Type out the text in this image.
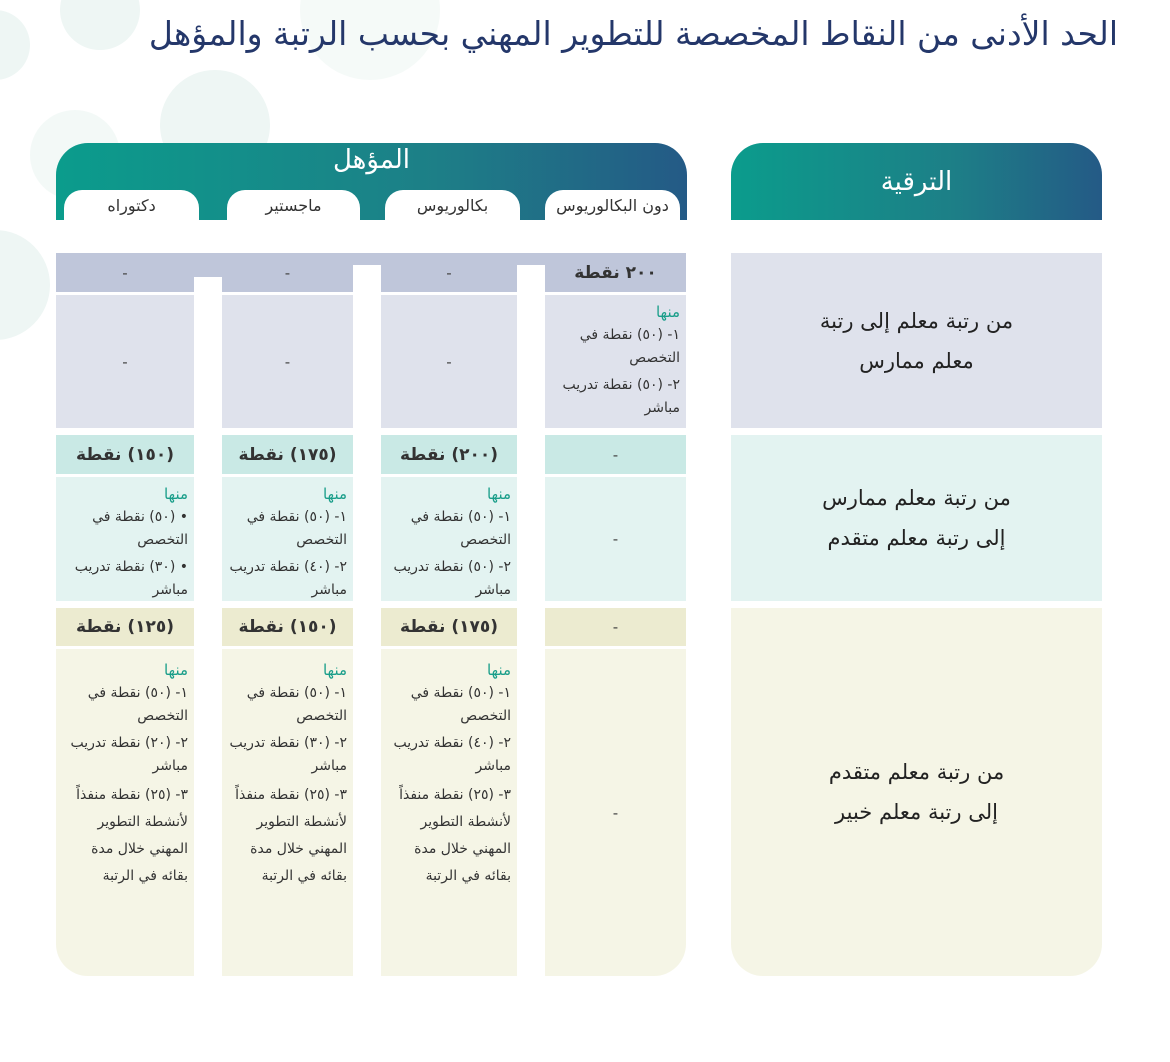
الحد الأدنى من النقاط المخصصة للتطوير المهني بحسب الرتبة والمؤهل
المؤهل
دون البكالوريوس
بكالوريوس
ماجستير
دكتوراه
الترقية
٢٠٠ نقطة
-
-
-
منها
١- (٥٠) نقطة في التخصص
٢- (٥٠) نقطة تدريب مباشر
-
-
-
من رتبة معلم إلى رتبة
معلم ممارس
-
(٢٠٠) نقطة
(١٧٥) نقطة
(١٥٠) نقطة
-
منها
١- (٥٠) نقطة في التخصص
٢- (٥٠) نقطة تدريب مباشر
منها
١- (٥٠) نقطة في التخصص
٢- (٤٠) نقطة تدريب مباشر
منها
• (٥٠) نقطة في التخصص
• (٣٠) نقطة تدريب مباشر
من رتبة معلم ممارس
إلى رتبة معلم متقدم
-
(١٧٥) نقطة
(١٥٠) نقطة
(١٢٥) نقطة
-
منها
١- (٥٠) نقطة في التخصص
٢- (٤٠) نقطة تدريب مباشر
٣- (٢٥) نقطة منفذاً لأنشطة التطوير المهني خلال مدة بقائه في الرتبة
منها
١- (٥٠) نقطة في التخصص
٢- (٣٠) نقطة تدريب مباشر
٣- (٢٥) نقطة منفذاً لأنشطة التطوير المهني خلال مدة بقائه في الرتبة
منها
١- (٥٠) نقطة في التخصص
٢- (٢٠) نقطة تدريب مباشر
٣- (٢٥) نقطة منفذاً لأنشطة التطوير المهني خلال مدة بقائه في الرتبة
من رتبة معلم متقدم
إلى رتبة معلم خبير
